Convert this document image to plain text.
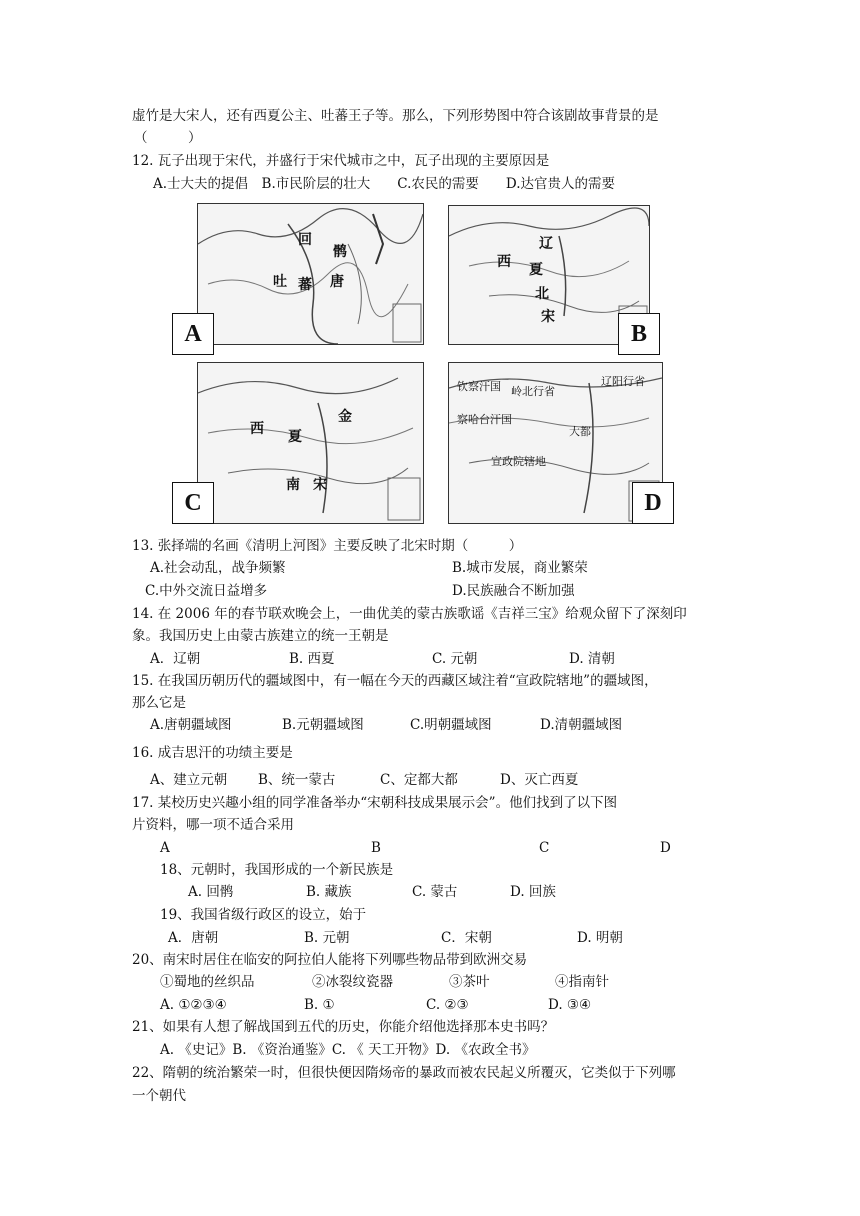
虚竹是大宋人，还有西夏公主、吐蕃王子等。那么，下列形势图中符合该剧故事背景的是
（　　　）
12. 瓦子出现于宋代，并盛行于宋代城市之中，瓦子出现的主要原因是
A.士大夫的提倡　B.市民阶层的壮大　　C.农民的需要　　D.达官贵人的需要
回
鹘
吐 蕃 唐
A
辽
西 夏
北
宋
B
金
西 夏
南 宋
C
钦察汗国 岭北行省
察哈台汗国
辽阳行省
大都
宣政院辖地
D
13. 张择端的名画《清明上河图》主要反映了北宋时期（　　　）
A.社会动乱，战争频繁	B.城市发展，商业繁荣
C.中外交流日益增多	D.民族融合不断加强
14. 在 2006 年的春节联欢晚会上，一曲优美的蒙古族歌谣《吉祥三宝》给观众留下了深刻印
象。我国历史上由蒙古族建立的统一王朝是
A．辽朝	B. 西夏	C. 元朝	D. 清朝
15. 在我国历朝历代的疆域图中，有一幅在今天的西藏区域注着“宣政院辖地”的疆域图，
那么它是
A.唐朝疆域图	B.元朝疆域图	C.明朝疆域图	D.清朝疆域图
16. 成吉思汗的功绩主要是
A、建立元朝 B、统一蒙古	C、定都大都	D、灭亡西夏
17. 某校历史兴趣小组的同学准备举办“宋朝科技成果展示会”。他们找到了以下图
片资料，哪一项不适合采用
A	B	C	D
18、元朝时，我国形成的一个新民族是
A. 回鹘	B. 藏族	C. 蒙古	D. 回族
19、我国省级行政区的设立，始于
A．唐朝	B. 元朝	C．宋朝	D. 明朝
20、南宋时居住在临安的阿拉伯人能将下列哪些物品带到欧洲交易
①蜀地的丝织品	②冰裂纹瓷器	③茶叶	④指南针
A. ①②③④	B. ①	C. ②③	D. ③④
21、如果有人想了解战国到五代的历史，你能介绍他选择那本史书吗？
A. 《史记》B. 《资治通鉴》C. 《 天工开物》D. 《农政全书》
22、隋朝的统治繁荣一时，但很快便因隋炀帝的暴政而被农民起义所覆灭，它类似于下列哪
一个朝代
